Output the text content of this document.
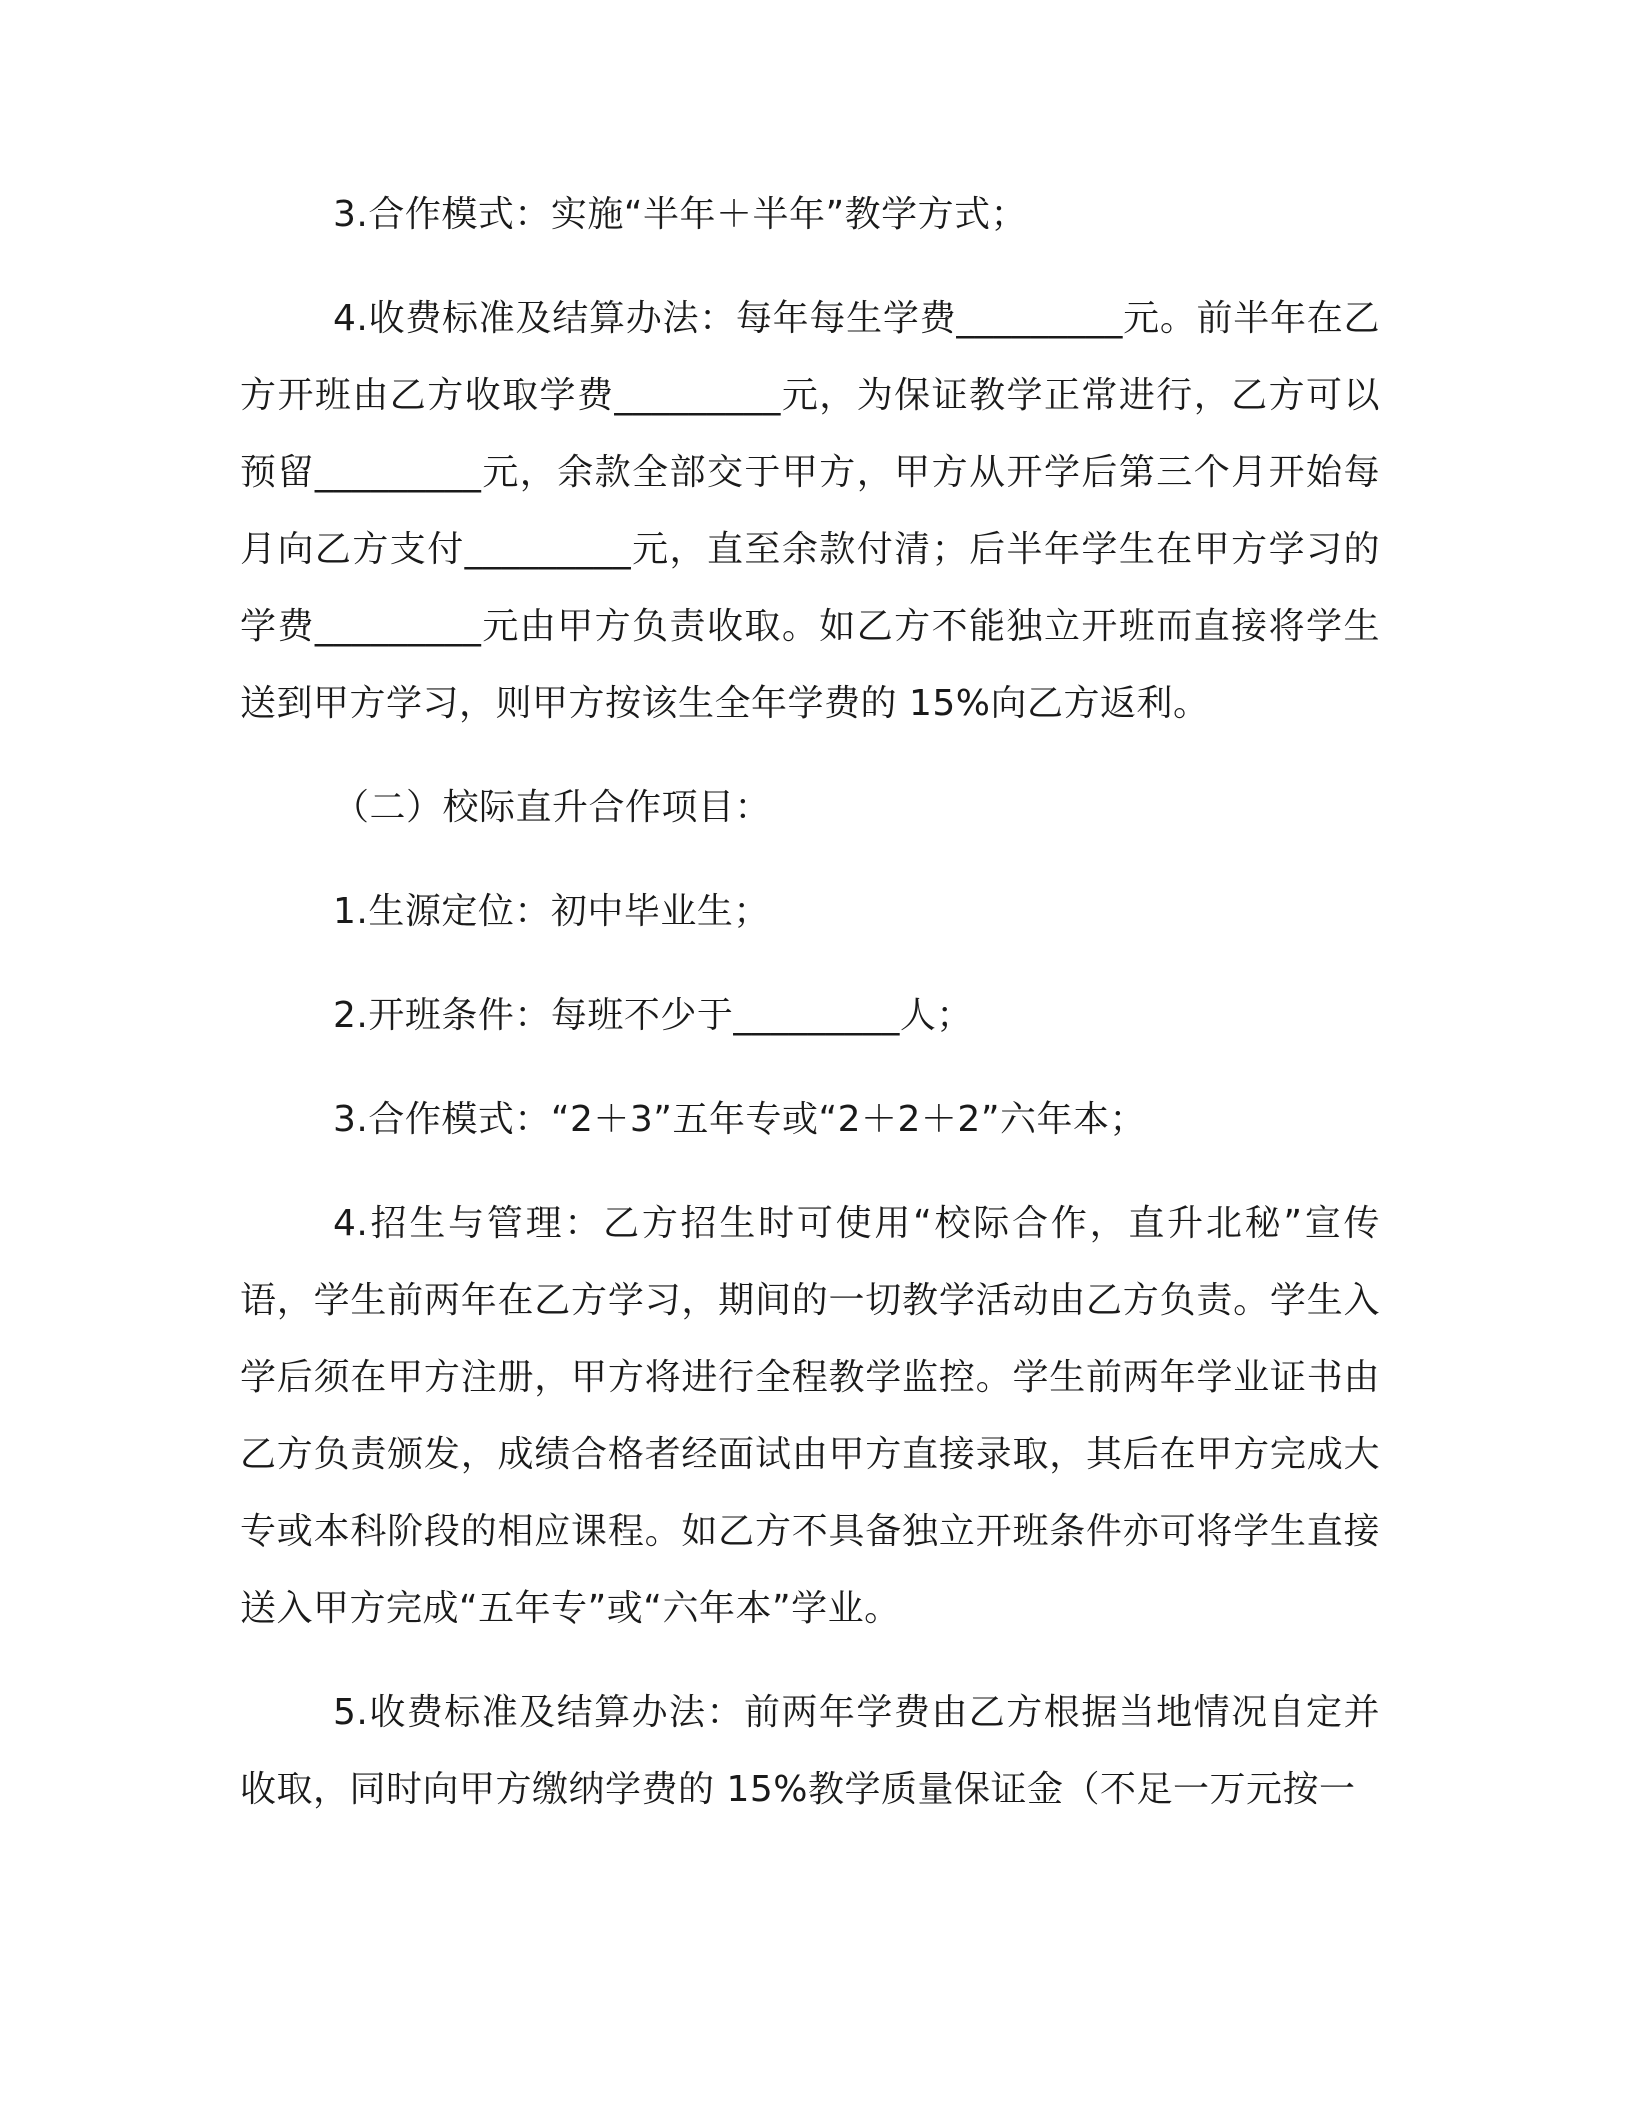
3.合作模式：实施“半年＋半年”教学方式；

4.收费标准及结算办法：每年每生学费_________元。前半年在乙方开班由乙方收取学费_________元，为保证教学正常进行，乙方可以预留_________元，余款全部交于甲方，甲方从开学后第三个月开始每月向乙方支付_________元，直至余款付清；后半年学生在甲方学习的学费_________元由甲方负责收取。如乙方不能独立开班而直接将学生送到甲方学习，则甲方按该生全年学费的 15%向乙方返利。

（二）校际直升合作项目：

1.生源定位：初中毕业生；

2.开班条件：每班不少于_________人；

3.合作模式：“2＋3”五年专或“2＋2＋2”六年本；

4.招生与管理：乙方招生时可使用“校际合作，直升北秘”宣传语，学生前两年在乙方学习，期间的一切教学活动由乙方负责。学生入学后须在甲方注册，甲方将进行全程教学监控。学生前两年学业证书由乙方负责颁发，成绩合格者经面试由甲方直接录取，其后在甲方完成大专或本科阶段的相应课程。如乙方不具备独立开班条件亦可将学生直接送入甲方完成“五年专”或“六年本”学业。

5.收费标准及结算办法：前两年学费由乙方根据当地情况自定并收取，同时向甲方缴纳学费的 15%教学质量保证金（不足一万元按一
